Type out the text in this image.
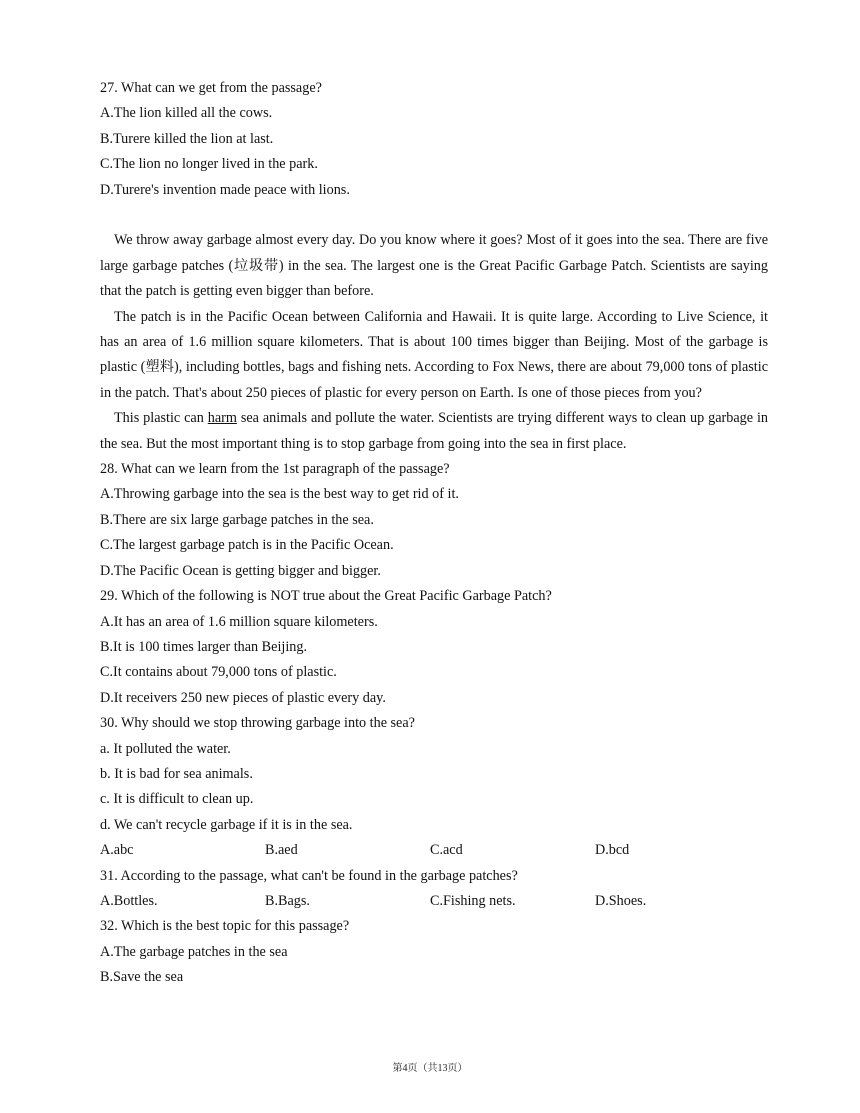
27. What can we get from the passage?

A.The lion killed all the cows.

B.Turere killed the lion at last.

C.The lion no longer lived in the park.

D.Turere's invention made peace with lions.

We throw away garbage almost every day. Do you know where it goes? Most of it goes into the sea. There are five large garbage patches (垃圾带) in the sea. The largest one is the Great Pacific Garbage Patch. Scientists are saying that the patch is getting even bigger than before.

The patch is in the Pacific Ocean between California and Hawaii. It is quite large. According to Live Science, it has an area of 1.6 million square kilometers. That is about 100 times bigger than Beijing. Most of the garbage is plastic (塑料), including bottles, bags and fishing nets. According to Fox News, there are about 79,000 tons of plastic in the patch. That's about 250 pieces of plastic for every person on Earth. Is one of those pieces from you?

This plastic can harm sea animals and pollute the water. Scientists are trying different ways to clean up garbage in the sea. But the most important thing is to stop garbage from going into the sea in first place.

28. What can we learn from the 1st paragraph of the passage?

A.Throwing garbage into the sea is the best way to get rid of it.

B.There are six large garbage patches in the sea.

C.The largest garbage patch is in the Pacific Ocean.

D.The Pacific Ocean is getting bigger and bigger.

29. Which of the following is NOT true about the Great Pacific Garbage Patch?

A.It has an area of 1.6 million square kilometers.

B.It is 100 times larger than Beijing.

C.It contains about 79,000 tons of plastic.

D.It receivers 250 new pieces of plastic every day.

30. Why should we stop throwing garbage into the sea?

a. It polluted the water.

b. It is bad for sea animals.

c. It is difficult to clean up.

d. We can't recycle garbage if it is in the sea.

A.abc	B.aed	C.acd	D.bcd

31. According to the passage, what can't be found in the garbage patches?

A.Bottles.	B.Bags.	C.Fishing nets.	D.Shoes.

32. Which is the best topic for this passage?

A.The garbage patches in the sea

B.Save the sea

第4页（共13页）
